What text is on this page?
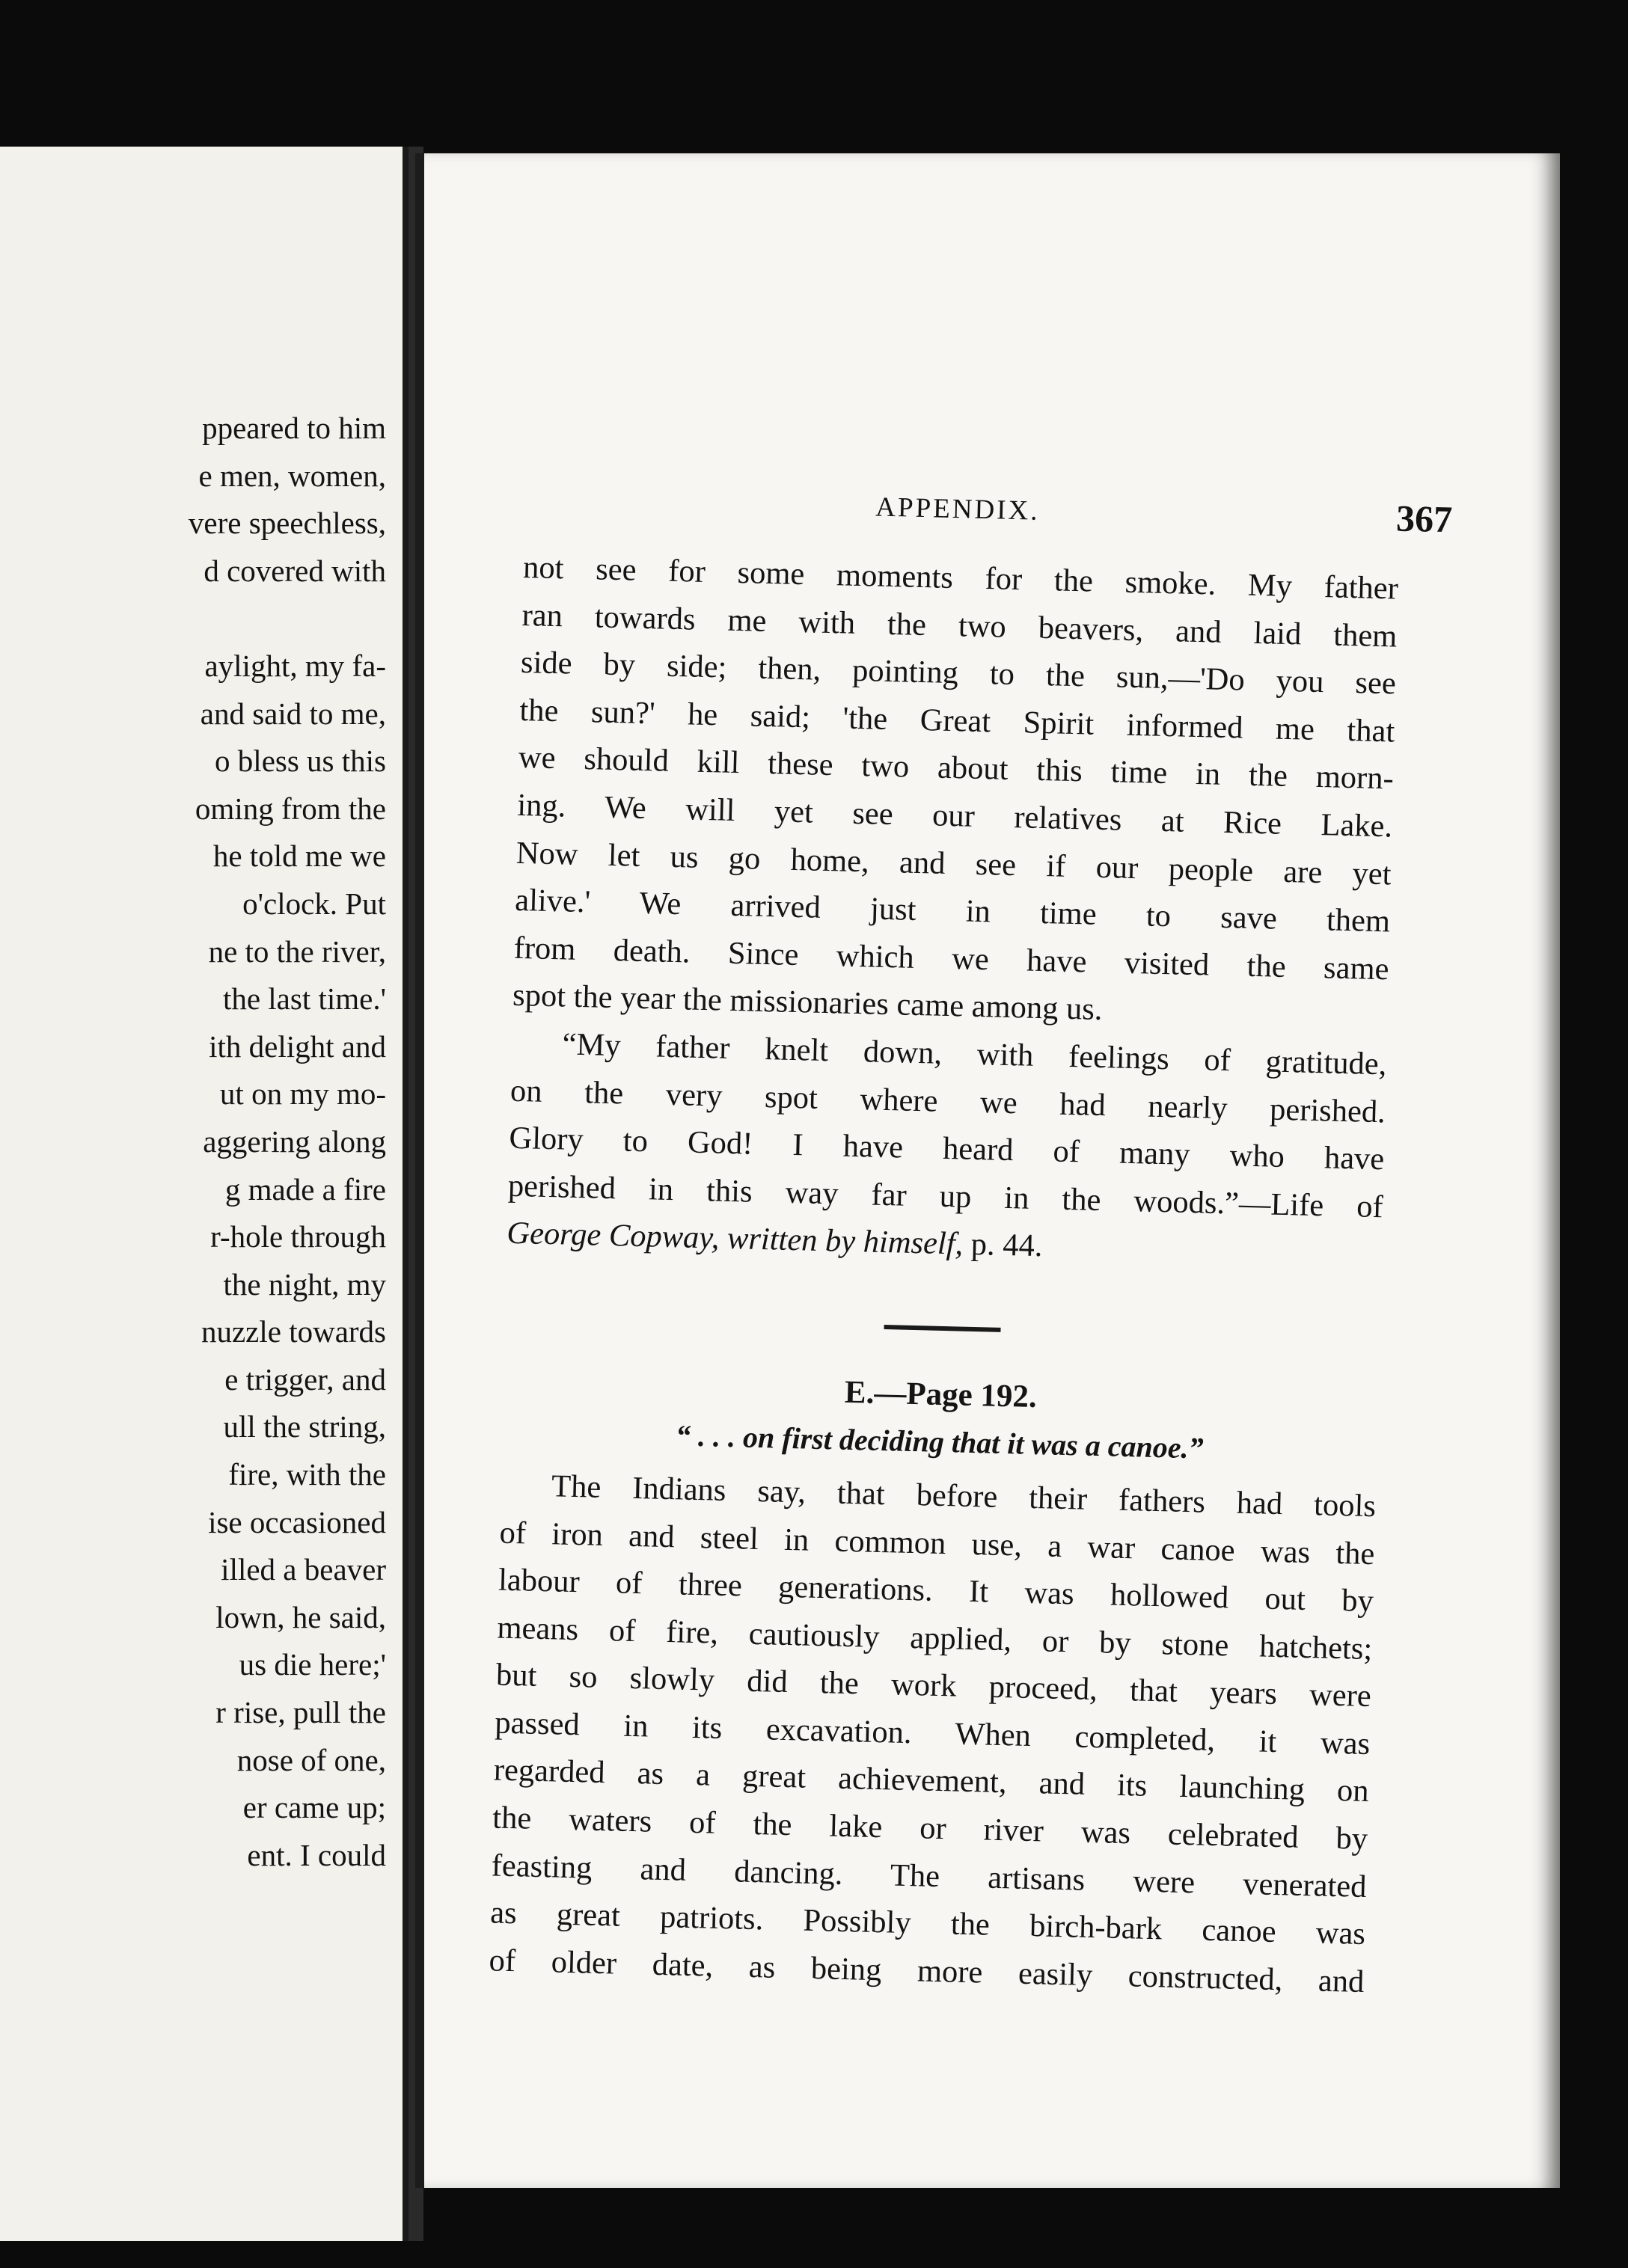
ppeared to him
e men, women,
vere speechless,
d covered with
aylight, my fa-
and said to me,
o bless us this
oming from the
he told me we
o'clock. Put
ne to the river,
the last time.'
ith delight and
ut on my mo-
aggering along
g made a fire
r-hole through
the night, my
nuzzle towards
e trigger, and
ull the string,
fire, with the
ise occasioned
illed a beaver
lown, he said,
us die here;'
r rise, pull the
nose of one,
er came up;
ent. I could
APPENDIX.	367

not see for some moments for the smoke. My father
ran towards me with the two beavers, and laid them
side by side; then, pointing to the sun,—'Do you see
the sun?' he said; 'the Great Spirit informed me that
we should kill these two about this time in the morn-
ing. We will yet see our relatives at Rice Lake.
Now let us go home, and see if our people are yet
alive.' We arrived just in time to save them
from death. Since which we have visited the same
spot the year the missionaries came among us.

“My father knelt down, with feelings of gratitude,
on the very spot where we had nearly perished.
Glory to God! I have heard of many who have
perished in this way far up in the woods.”—Life of
George Copway, written by himself, p. 44.

E.—Page 192.

“ . . . on first deciding that it was a canoe.”

The Indians say, that before their fathers had tools
of iron and steel in common use, a war canoe was the
labour of three generations. It was hollowed out by
means of fire, cautiously applied, or by stone hatchets;
but so slowly did the work proceed, that years were
passed in its excavation. When completed, it was
regarded as a great achievement, and its launching on
the waters of the lake or river was celebrated by
feasting and dancing. The artisans were venerated
as great patriots. Possibly the birch-bark canoe was
of older date, as being more easily constructed, and
